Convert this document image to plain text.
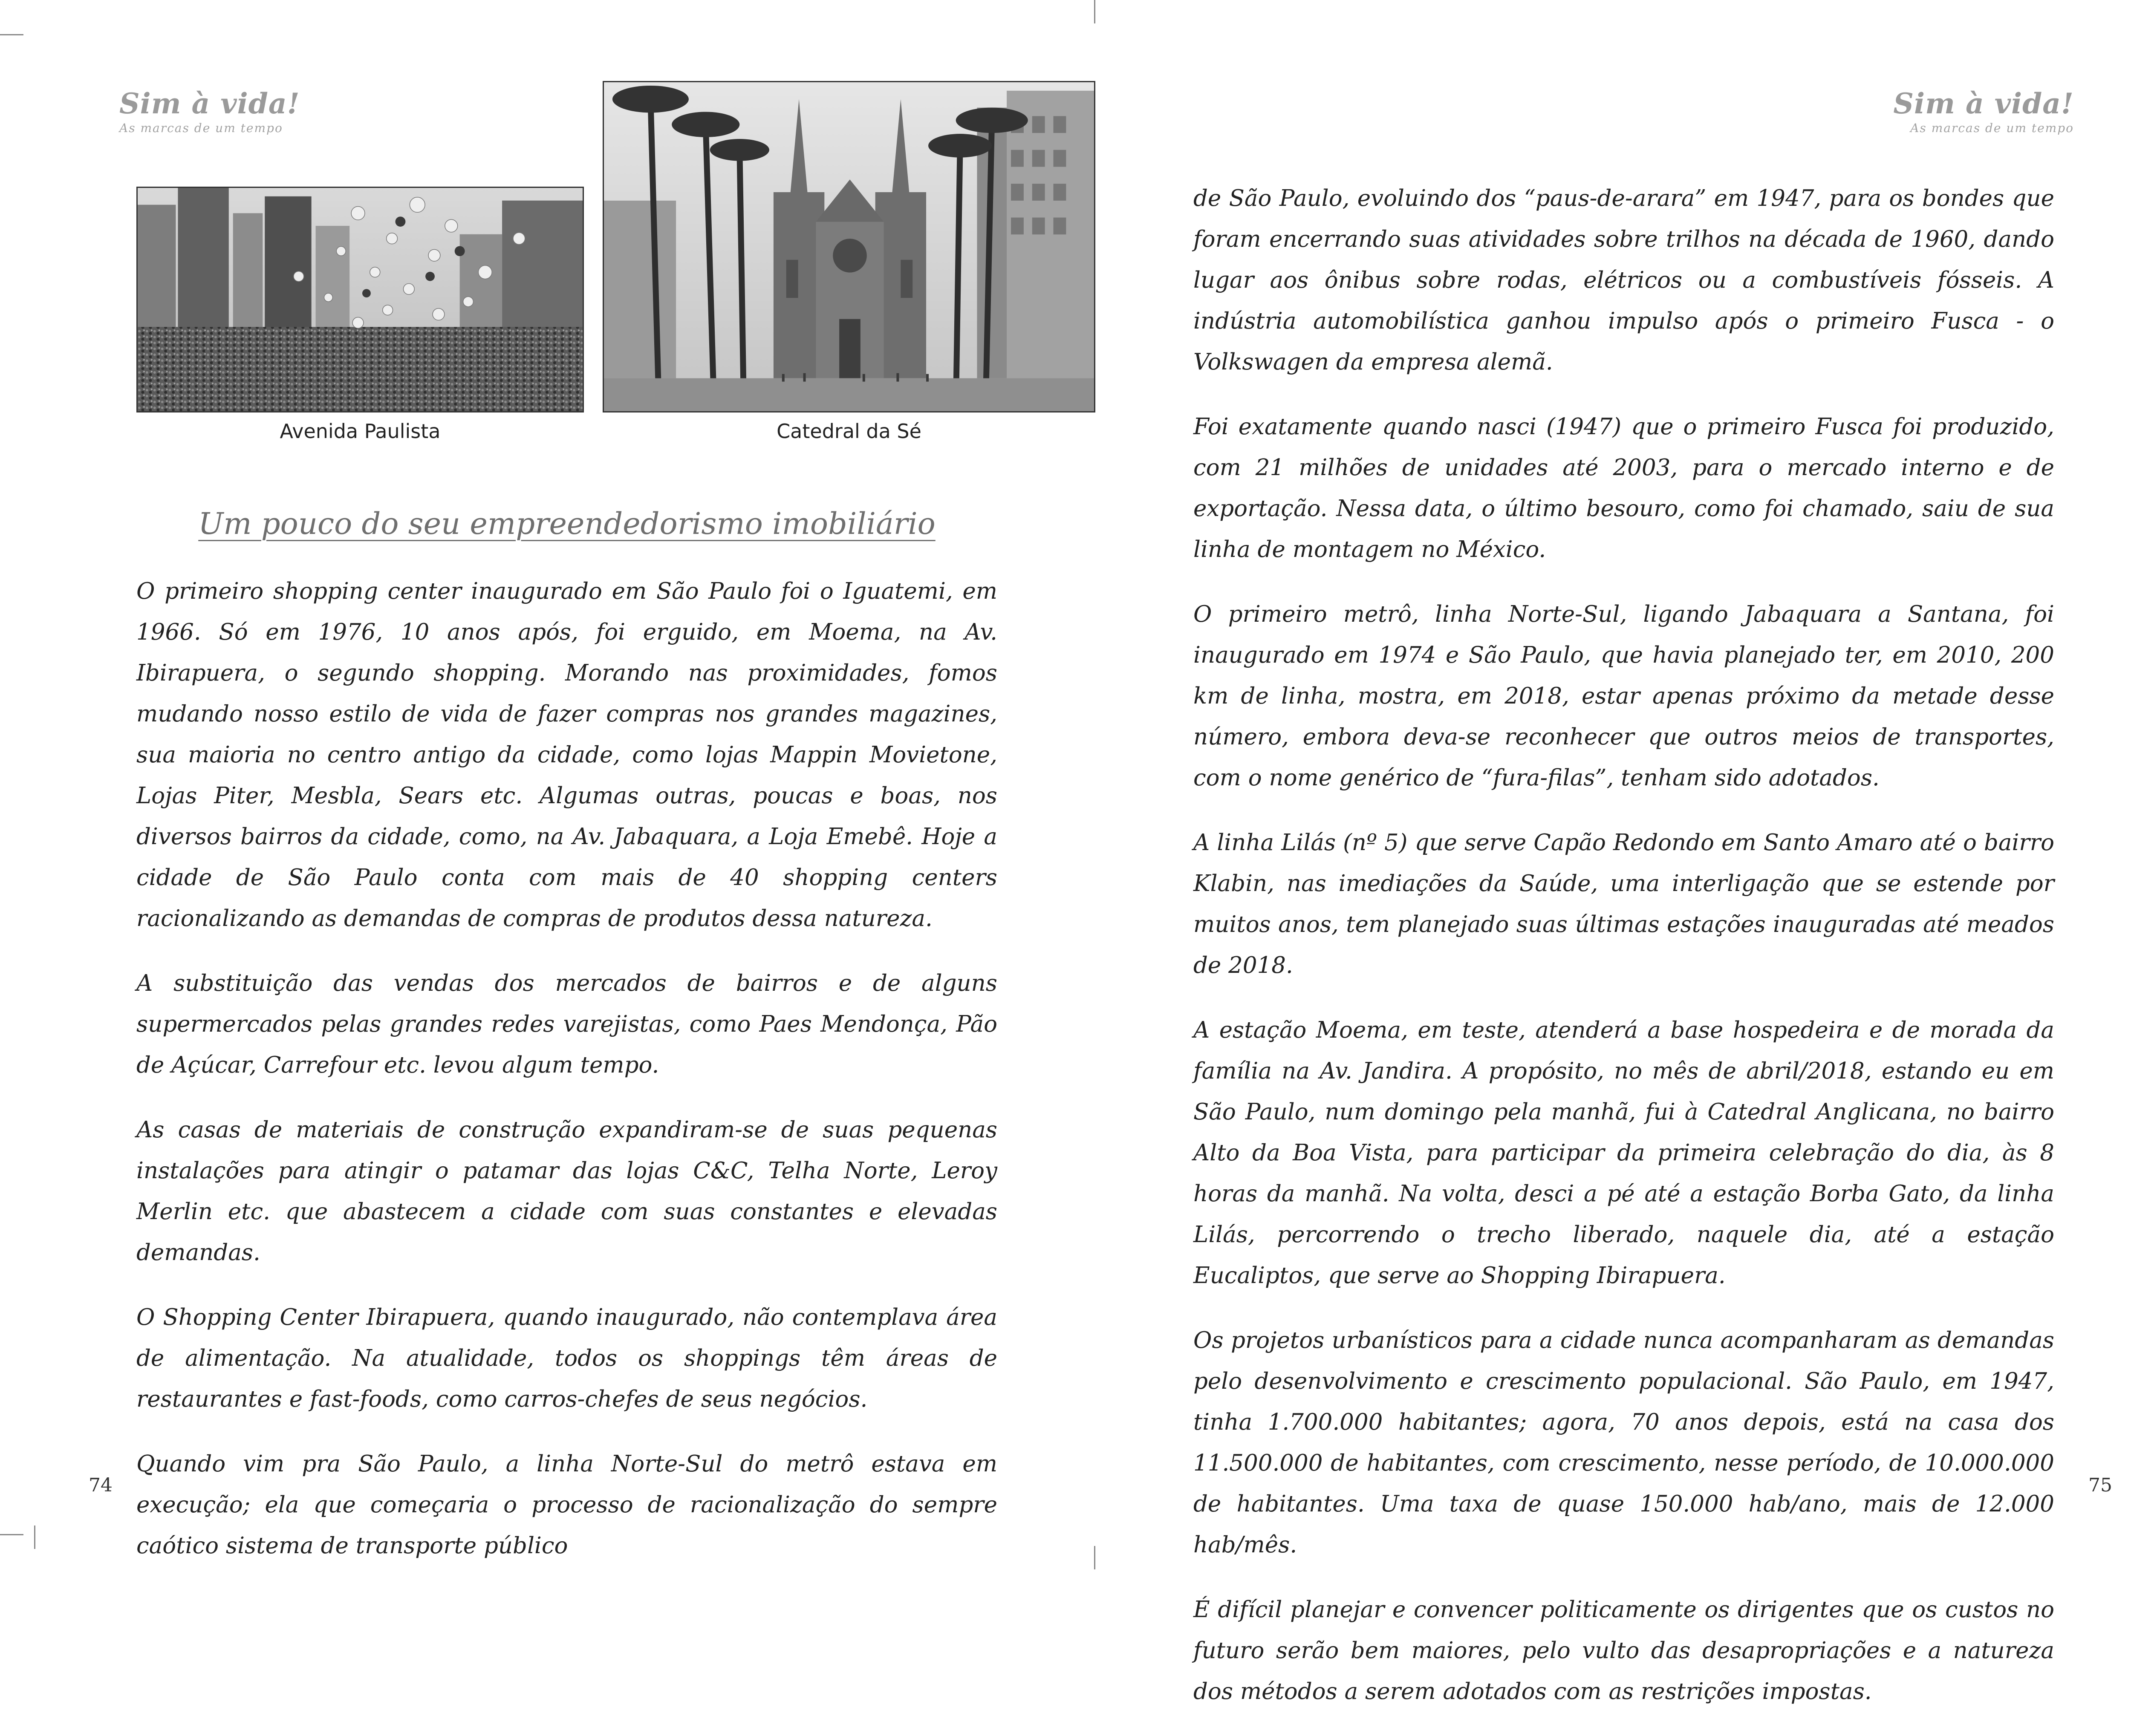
Sim à vida!
As marcas de um tempo
Avenida Paulista	Catedral da Sé
Um pouco do seu empreendedorismo imobiliário

O primeiro shopping center inaugurado em São Paulo foi o Iguatemi, em 1966. Só em 1976, 10 anos após, foi erguido, em Moema, na Av. Ibirapuera, o segundo shopping. Morando nas proximidades, fomos mudando nosso estilo de vida de fazer compras nos grandes magazines, sua maioria no centro antigo da cidade, como lojas Mappin Movietone, Lojas Piter, Mesbla, Sears etc. Algumas outras, poucas e boas, nos diversos bairros da cidade, como, na Av. Jabaquara, a Loja Emebê. Hoje a cidade de São Paulo conta com mais de 40 shopping centers racionalizando as demandas de compras de produtos dessa natureza.

A substituição das vendas dos mercados de bairros e de alguns supermercados pelas grandes redes varejistas, como Paes Mendonça, Pão de Açúcar, Carrefour etc. levou algum tempo.

As casas de materiais de construção expandiram-se de suas pequenas instalações para atingir o patamar das lojas C&C, Telha Norte, Leroy Merlin etc. que abastecem a cidade com suas constantes e elevadas demandas.

O Shopping Center Ibirapuera, quando inaugurado, não contemplava área de alimentação. Na atualidade, todos os shoppings têm áreas de restaurantes e fast-foods, como carros-chefes de seus negócios.

Quando vim pra São Paulo, a linha Norte-Sul do metrô estava em execução; ela que começaria o processo de racionalização do sempre caótico sistema de transporte público

74
Sim à vida!
As marcas de um tempo

de São Paulo, evoluindo dos “paus-de-arara” em 1947, para os bondes que foram encerrando suas atividades sobre trilhos na década de 1960, dando lugar aos ônibus sobre rodas, elétricos ou a combustíveis fósseis. A indústria automobilística ganhou impulso após o primeiro Fusca - o Volkswagen da empresa alemã.

Foi exatamente quando nasci (1947) que o primeiro Fusca foi produzido, com 21 milhões de unidades até 2003, para o mercado interno e de exportação. Nessa data, o último besouro, como foi chamado, saiu de sua linha de montagem no México.

O primeiro metrô, linha Norte-Sul, ligando Jabaquara a Santana, foi inaugurado em 1974 e São Paulo, que havia planejado ter, em 2010, 200 km de linha, mostra, em 2018, estar apenas próximo da metade desse número, embora deva-se reconhecer que outros meios de transportes, com o nome genérico de “fura-filas”, tenham sido adotados.

A linha Lilás (nº 5) que serve Capão Redondo em Santo Amaro até o bairro Klabin, nas imediações da Saúde, uma interligação que se estende por muitos anos, tem planejado suas últimas estações inauguradas até meados de 2018.

A estação Moema, em teste, atenderá a base hospedeira e de morada da família na Av. Jandira. A propósito, no mês de abril/2018, estando eu em São Paulo, num domingo pela manhã, fui à Catedral Anglicana, no bairro Alto da Boa Vista, para participar da primeira celebração do dia, às 8 horas da manhã. Na volta, desci a pé até a estação Borba Gato, da linha Lilás, percorrendo o trecho liberado, naquele dia, até a estação Eucaliptos, que serve ao Shopping Ibirapuera.

Os projetos urbanísticos para a cidade nunca acompanharam as demandas pelo desenvolvimento e crescimento populacional. São Paulo, em 1947, tinha 1.700.000 habitantes; agora, 70 anos depois, está na casa dos 11.500.000 de habitantes, com crescimento, nesse período, de 10.000.000 de habitantes. Uma taxa de quase 150.000 hab/ano, mais de 12.000 hab/mês.

É difícil planejar e convencer politicamente os dirigentes que os custos no futuro serão bem maiores, pelo vulto das desapropriações e a natureza dos métodos a serem adotados com as restrições impostas.

75
